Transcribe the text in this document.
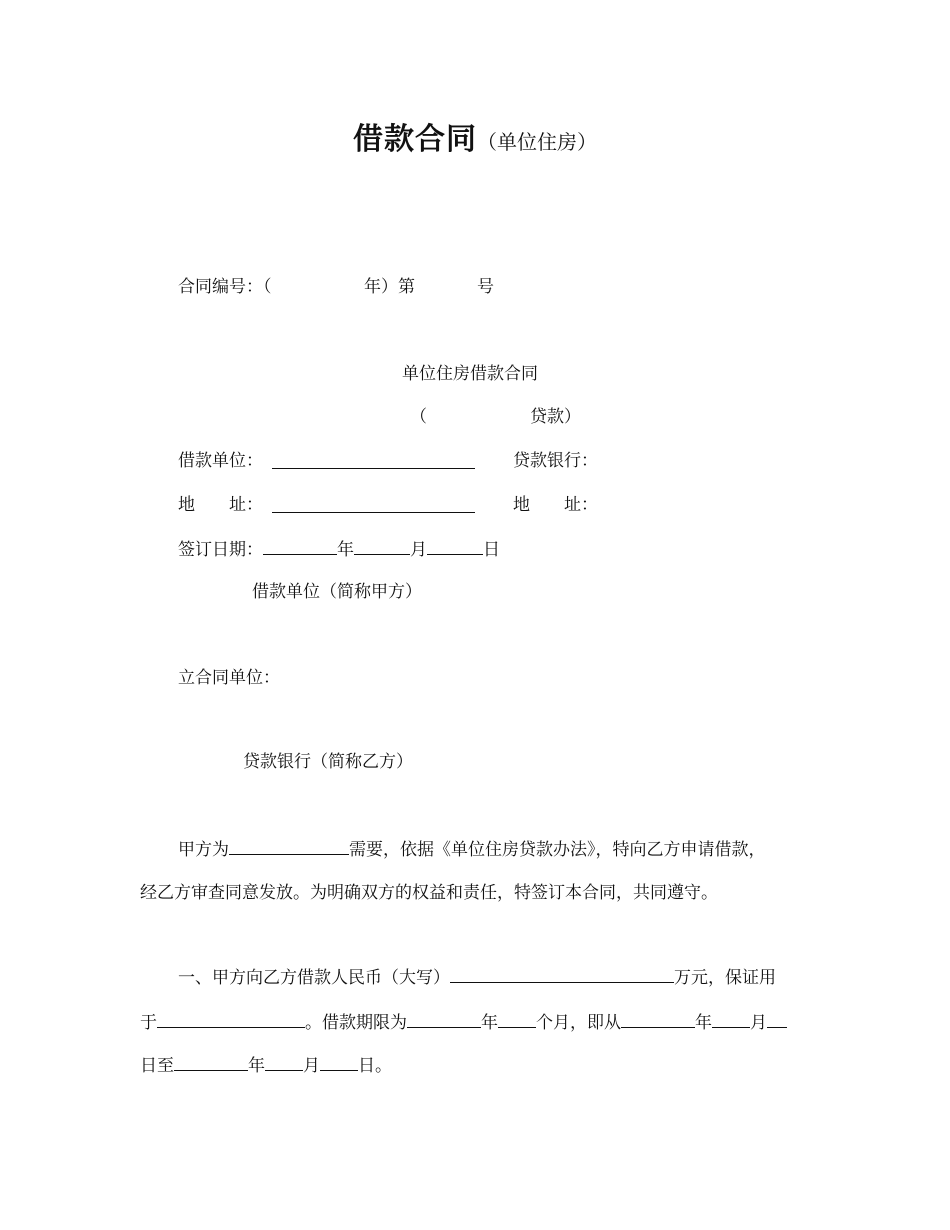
借款合同（单位住房）
合同编号：（	年）第	号
单位住房借款合同
（	贷款）
借款单位：	贷款银行：
地　　址：	地　　址：
签订日期：	年	月	日
借款单位（简称甲方）
立合同单位：
贷款银行（简称乙方）
甲方为	需要，依据《单位住房贷款办法》，特向乙方申请借款，
经乙方审查同意发放。为明确双方的权益和责任，特签订本合同，共同遵守。
一、甲方向乙方借款人民币（大写）	万元，保证用
于	。借款期限为	年 个月，即从	年 月
日至	年 月 日。
